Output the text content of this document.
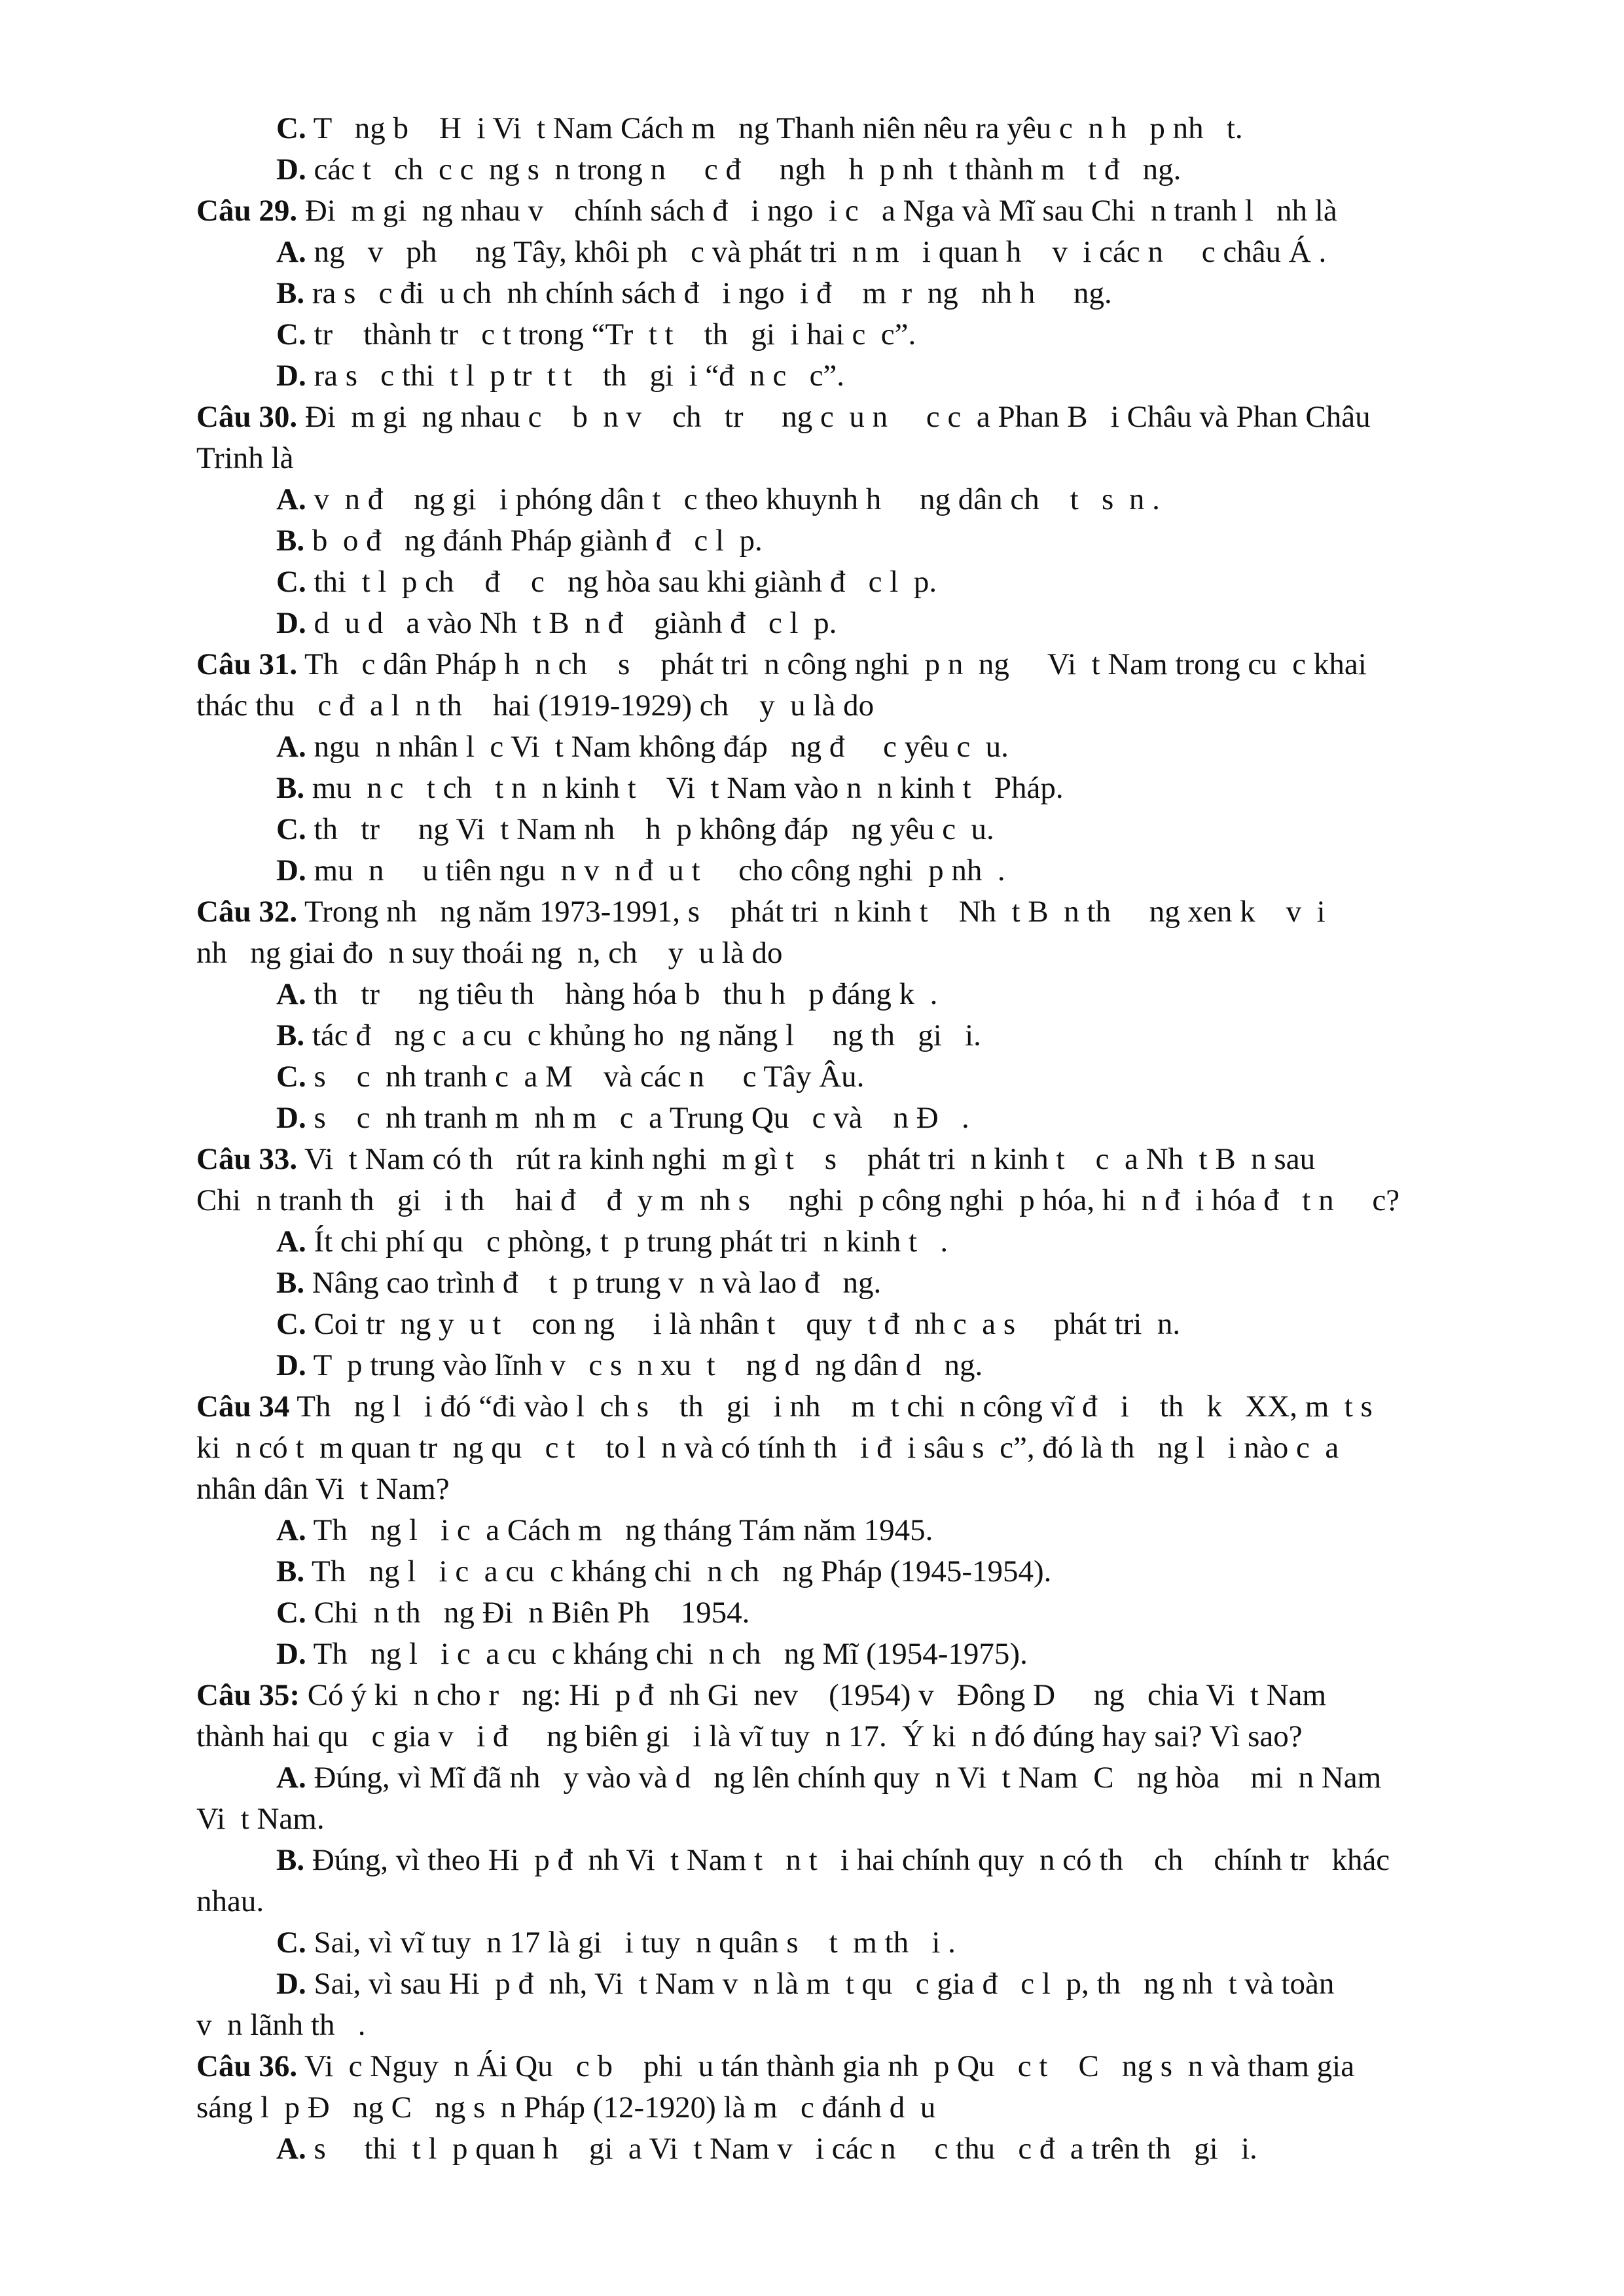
C. T   ng b    H  i Vi  t Nam Cách m   ng Thanh niên nêu ra yêu c  n h   p nh   t.
D. các t   ch  c c  ng s  n trong n     c đ     ngh   h  p nh  t thành m   t đ   ng.
Câu 29. Đi  m gi  ng nhau v    chính sách đ   i ngo  i c   a Nga và Mĩ sau Chi  n tranh l   nh là
A. ng   v   ph     ng Tây, khôi ph   c và phát tri  n m   i quan h    v  i các n     c châu Á .
B. ra s   c đi  u ch  nh chính sách đ   i ngo  i đ    m  r  ng   nh h     ng.
C. tr    thành tr   c t trong “Tr  t t    th   gi  i hai c  c”.
D. ra s   c thi  t l  p tr  t t    th   gi  i “đ  n c   c”.
Câu 30. Đi  m gi  ng nhau c    b  n v    ch   tr     ng c  u n     c c  a Phan B   i Châu và Phan Châu
Trinh là
A. v  n đ    ng gi   i phóng dân t   c theo khuynh h     ng dân ch    t   s  n .
B. b  o đ   ng đánh Pháp giành đ   c l  p.
C. thi  t l  p ch    đ    c   ng hòa sau khi giành đ   c l  p.
D. d  u d   a vào Nh  t B  n đ    giành đ   c l  p.
Câu 31. Th   c dân Pháp h  n ch    s    phát tri  n công nghi  p n  ng     Vi  t Nam trong cu  c khai
thác thu   c đ  a l  n th    hai (1919-1929) ch    y  u là do
A. ngu  n nhân l  c Vi  t Nam không đáp   ng đ     c yêu c  u.
B. mu  n c   t ch   t n  n kinh t    Vi  t Nam vào n  n kinh t   Pháp.
C. th   tr     ng Vi  t Nam nh    h  p không đáp   ng yêu c  u.
D. mu  n     u tiên ngu  n v  n đ  u t     cho công nghi  p nh  .
Câu 32. Trong nh   ng năm 1973-1991, s    phát tri  n kinh t    Nh  t B  n th     ng xen k    v  i
nh   ng giai đo  n suy thoái ng  n, ch    y  u là do
A. th   tr     ng tiêu th    hàng hóa b   thu h   p đáng k  .
B. tác đ   ng c  a cu  c khủng ho  ng năng l     ng th   gi   i.
C. s    c  nh tranh c  a M    và các n     c Tây Âu.
D. s    c  nh tranh m  nh m   c  a Trung Qu   c và    n Đ   .
Câu 33. Vi  t Nam có th   rút ra kinh nghi  m gì t    s    phát tri  n kinh t    c  a Nh  t B  n sau
Chi  n tranh th   gi   i th    hai đ    đ  y m  nh s     nghi  p công nghi  p hóa, hi  n đ  i hóa đ   t n     c?
A. Ít chi phí qu   c phòng, t  p trung phát tri  n kinh t   .
B. Nâng cao trình đ    t  p trung v  n và lao đ   ng.
C. Coi tr  ng y  u t    con ng     i là nhân t    quy  t đ  nh c  a s     phát tri  n.
D. T  p trung vào lĩnh v   c s  n xu  t    ng d  ng dân d   ng.
Câu 34 Th   ng l   i đó “đi vào l  ch s    th   gi   i nh    m  t chi  n công vĩ đ   i    th   k   XX, m  t s
ki  n có t  m quan tr  ng qu   c t    to l  n và có tính th   i đ  i sâu s  c”, đó là th   ng l   i nào c  a
nhân dân Vi  t Nam?
A. Th   ng l   i c  a Cách m   ng tháng Tám năm 1945.
B. Th   ng l   i c  a cu  c kháng chi  n ch   ng Pháp (1945-1954).
C. Chi  n th   ng Đi  n Biên Ph    1954.
D. Th   ng l   i c  a cu  c kháng chi  n ch   ng Mĩ (1954-1975).
Câu 35: Có ý ki  n cho r   ng: Hi  p đ  nh Gi  nev    (1954) v   Đông D     ng   chia Vi  t Nam
thành hai qu   c gia v   i đ     ng biên gi   i là vĩ tuy  n 17.  Ý ki  n đó đúng hay sai? Vì sao?
A. Đúng, vì Mĩ đã nh   y vào và d   ng lên chính quy  n Vi  t Nam  C   ng hòa    mi  n Nam
Vi  t Nam.
B. Đúng, vì theo Hi  p đ  nh Vi  t Nam t   n t   i hai chính quy  n có th    ch    chính tr   khác
nhau.
C. Sai, vì vĩ tuy  n 17 là gi   i tuy  n quân s    t  m th   i .
D. Sai, vì sau Hi  p đ  nh, Vi  t Nam v  n là m  t qu   c gia đ   c l  p, th   ng nh  t và toàn
v  n lãnh th   .
Câu 36. Vi  c Nguy  n Ái Qu   c b    phi  u tán thành gia nh  p Qu   c t    C   ng s  n và tham gia
sáng l  p Đ   ng C   ng s  n Pháp (12-1920) là m   c đánh d  u
A. s     thi  t l  p quan h    gi  a Vi  t Nam v   i các n     c thu   c đ  a trên th   gi   i.
